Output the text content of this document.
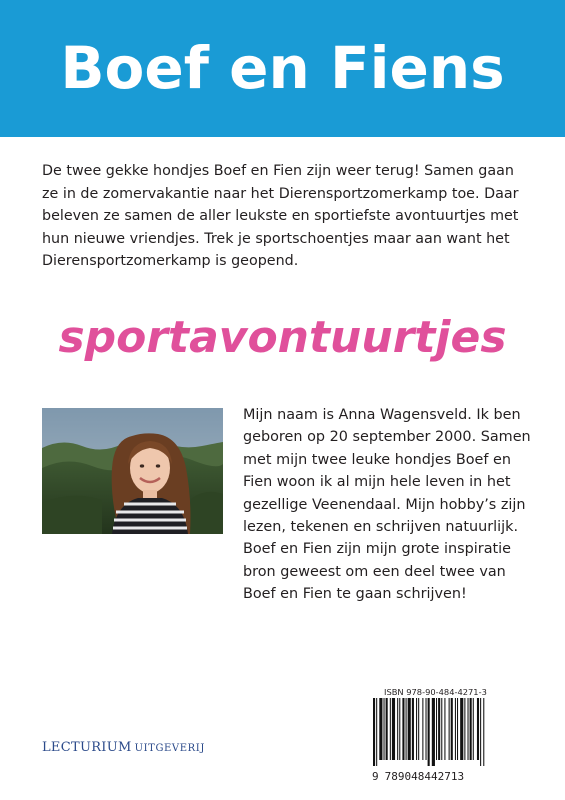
Boef en Fiens

De twee gekke hondjes Boef en Fien zijn weer terug! Samen gaan ze in de zomervakantie naar het Dierensportzomerkamp toe. Daar beleven ze samen de aller leukste en sportiefste avontuurtjes met hun nieuwe vriendjes. Trek je sportschoentjes maar aan want het Dierensportzomerkamp is geopend.

sportavontuurtjes

Mijn naam is Anna Wagensveld. Ik ben geboren op 20 september 2000. Samen met mijn twee leuke hondjes Boef en Fien woon ik al mijn hele leven in het gezellige Veenendaal. Mijn hobby’s zijn lezen, tekenen en schrijven natuurlijk. Boef en Fien zijn mijn grote inspiratie bron geweest om een deel twee van Boef en Fien te gaan schrijven!

LECTURIUM UITGEVERIJ
ISBN 978-90-484-4271-3
9 789048442713
